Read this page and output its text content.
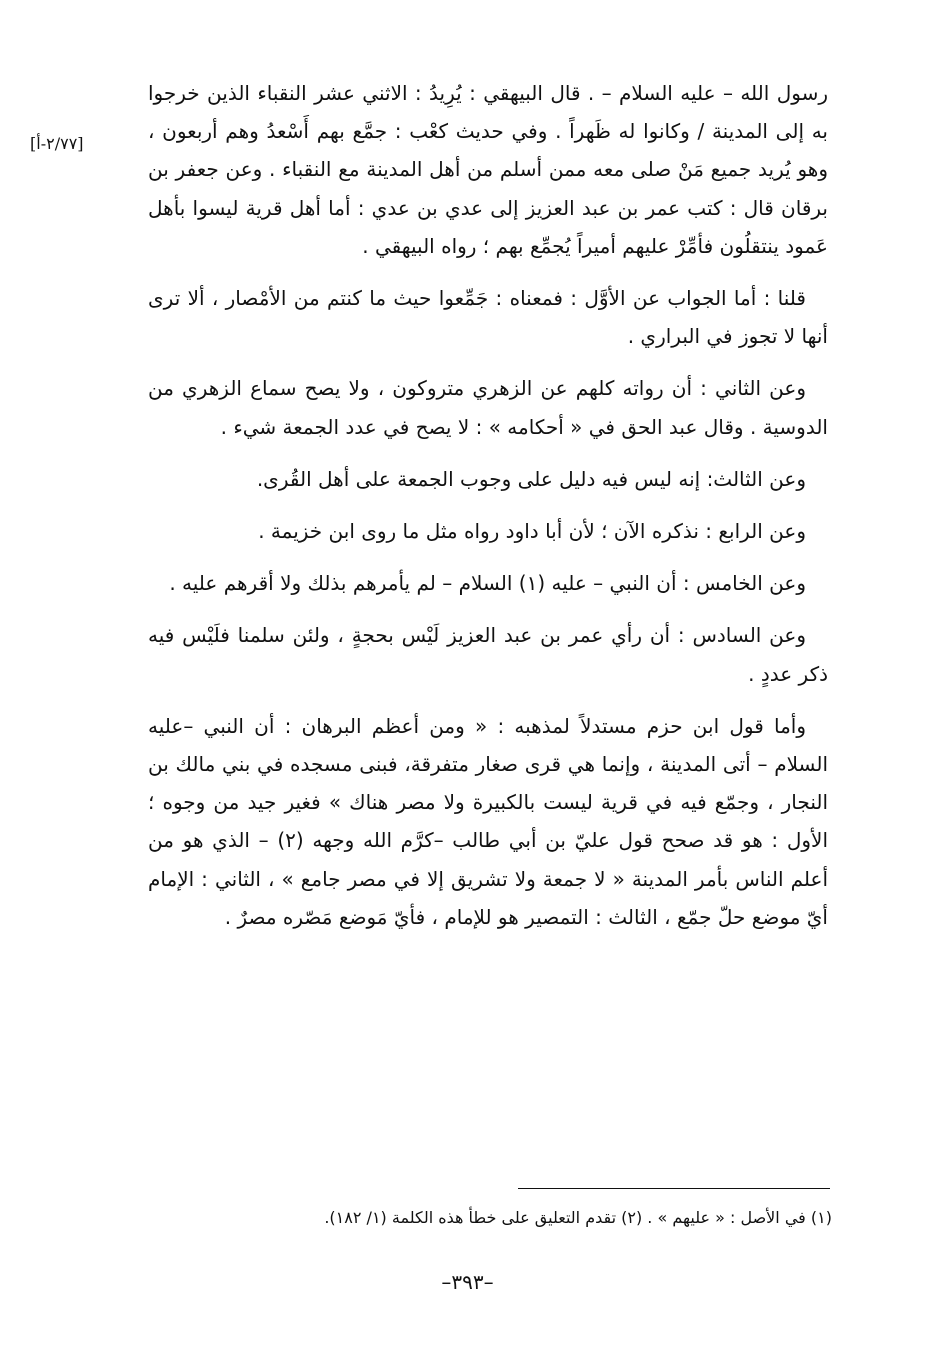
[٢/٧٧-أ]

رسول الله – عليه السلام – . قال البيهقي : يُرِيدُ : الاثني عشر النقباء الذين خرجوا به إلى المدينة / وكانوا له ظَهراً . وفي حديث كعْب : جمَّع بهم أَسْعدُ وهم أربعون ، وهو يُريد جميع مَنْ صلى معه ممن أسلم من أهل المدينة مع النقباء . وعن جعفر بن برقان قال : كتب عمر بن عبد العزيز إلى عدي بن عدي : أما أهل قرية ليسوا بأهل عَمود ينتقلُون فأمِّرْ عليهم أميراً يُجمِّع بهم ؛ رواه البيهقي .

قلنا : أما الجواب عن الأوَّل : فمعناه : جَمِّعوا حيث ما كنتم من الأمْصار ، ألا ترى أنها لا تجوز في البراري .

وعن الثاني : أن رواته كلهم عن الزهري متروكون ، ولا يصح سماع الزهري من الدوسية . وقال عبد الحق في « أحكامه » : لا يصح في عدد الجمعة شيء .

وعن الثالث: إنه ليس فيه دليل على وجوب الجمعة على أهل القُرى.

وعن الرابع : نذكره الآن ؛ لأن أبا داود رواه مثل ما روى ابن خزيمة .

وعن الخامس : أن النبي – عليه (١) السلام – لم يأمرهم بذلك ولا أقرهم عليه .

وعن السادس : أن رأي عمر بن عبد العزيز لَيْس بحجةٍ ، ولئن سلمنا فلَيْس فيه ذكر عددٍ .

وأما قول ابن حزم مستدلاً لمذهبه : « ومن أعظم البرهان : أن النبي –عليه السلام – أتى المدينة ، وإنما هي قرى صغار متفرقة، فبنى مسجده في بني مالك بن النجار ، وجمّع فيه في قرية ليست بالكبيرة ولا مصر هناك » فغير جيد من وجوه ؛ الأول : هو قد صحح قول عليّ بن أبي طالب –كرَّم الله وجهه (٢) – الذي هو من أعلم الناس بأمر المدينة « لا جمعة ولا تشريق إلا في مصر جامع » ، الثاني : الإمام أيّ موضع حلّ جمّع ، الثالث : التمصير هو للإمام ، فأيّ مَوضع مَصّره مصرٌ .

(١) في الأصل : « عليهم » . (٢) تقدم التعليق على خطأ هذه الكلمة (١/ ١٨٢).
–٣٩٣–
